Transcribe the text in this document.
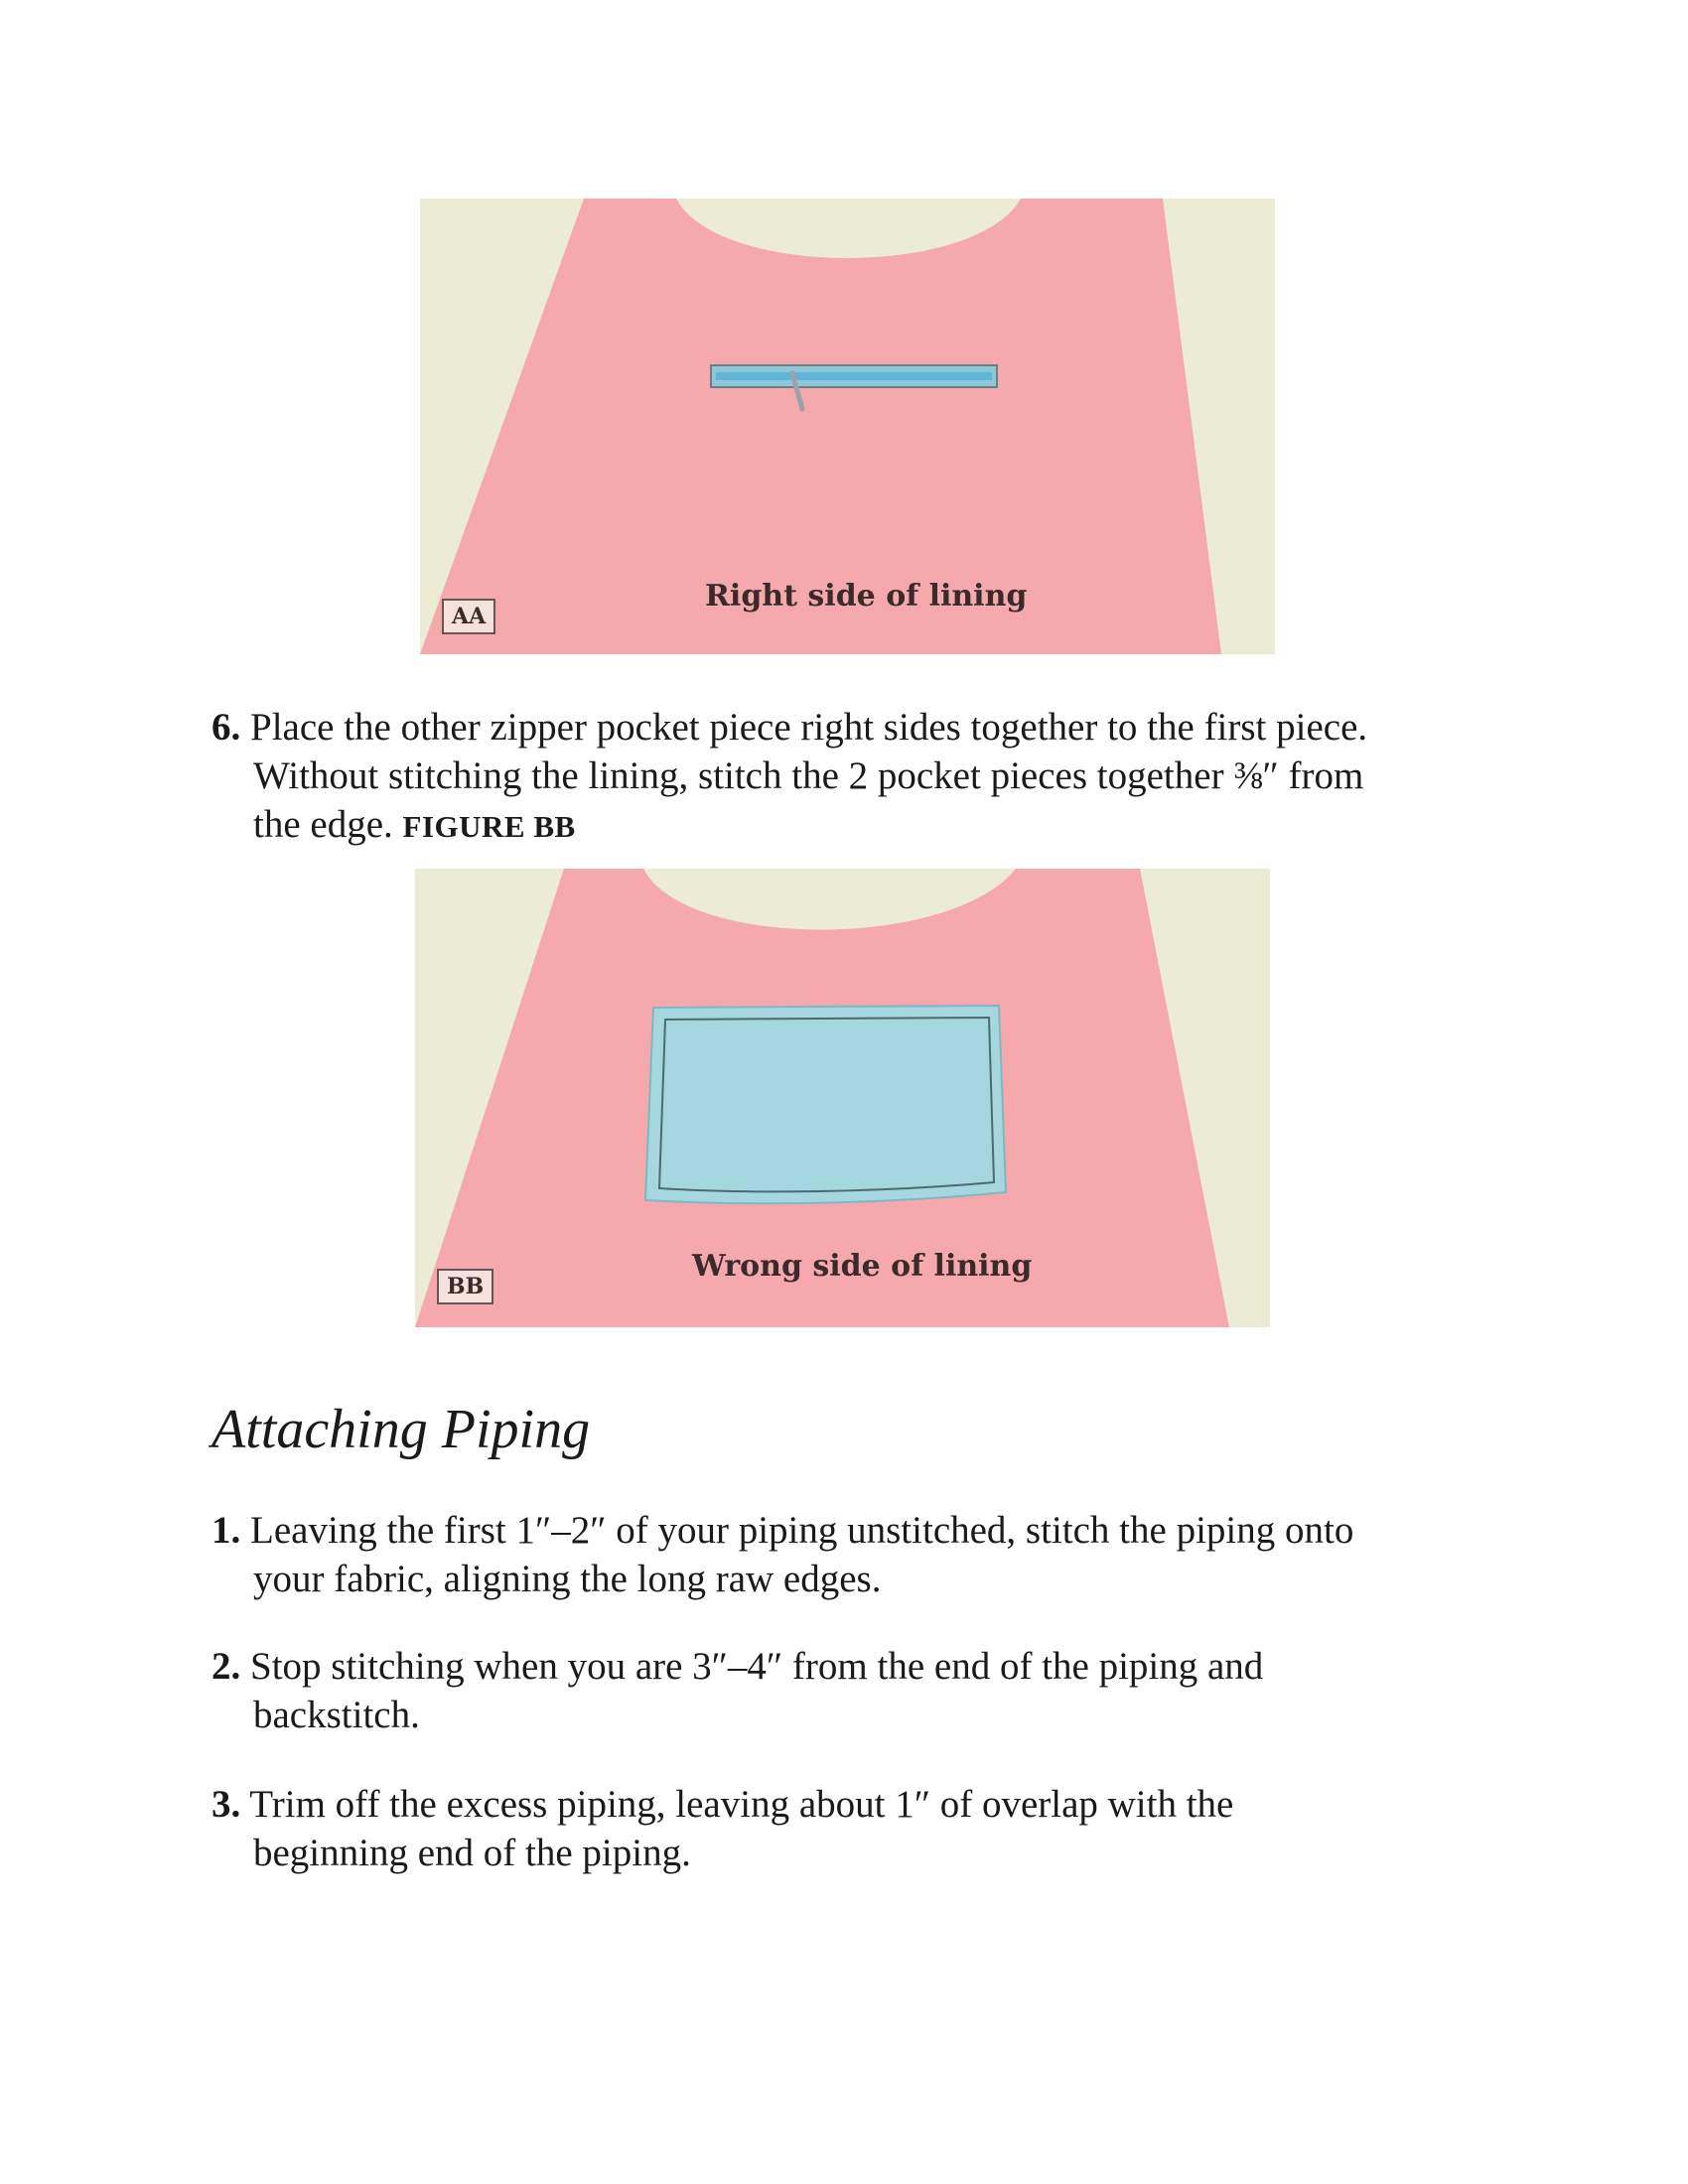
AA
Right side of lining
6. Place the other zipper pocket piece right sides together to the first piece.
Without stitching the lining, stitch the 2 pocket pieces together ⅜″ from
the edge. FIGURE BB
BB
Wrong side of lining
Attaching Piping
1. Leaving the first 1″–2″ of your piping unstitched, stitch the piping onto
your fabric, aligning the long raw edges.
2. Stop stitching when you are 3″–4″ from the end of the piping and
backstitch.
3. Trim off the excess piping, leaving about 1″ of overlap with the
beginning end of the piping.
